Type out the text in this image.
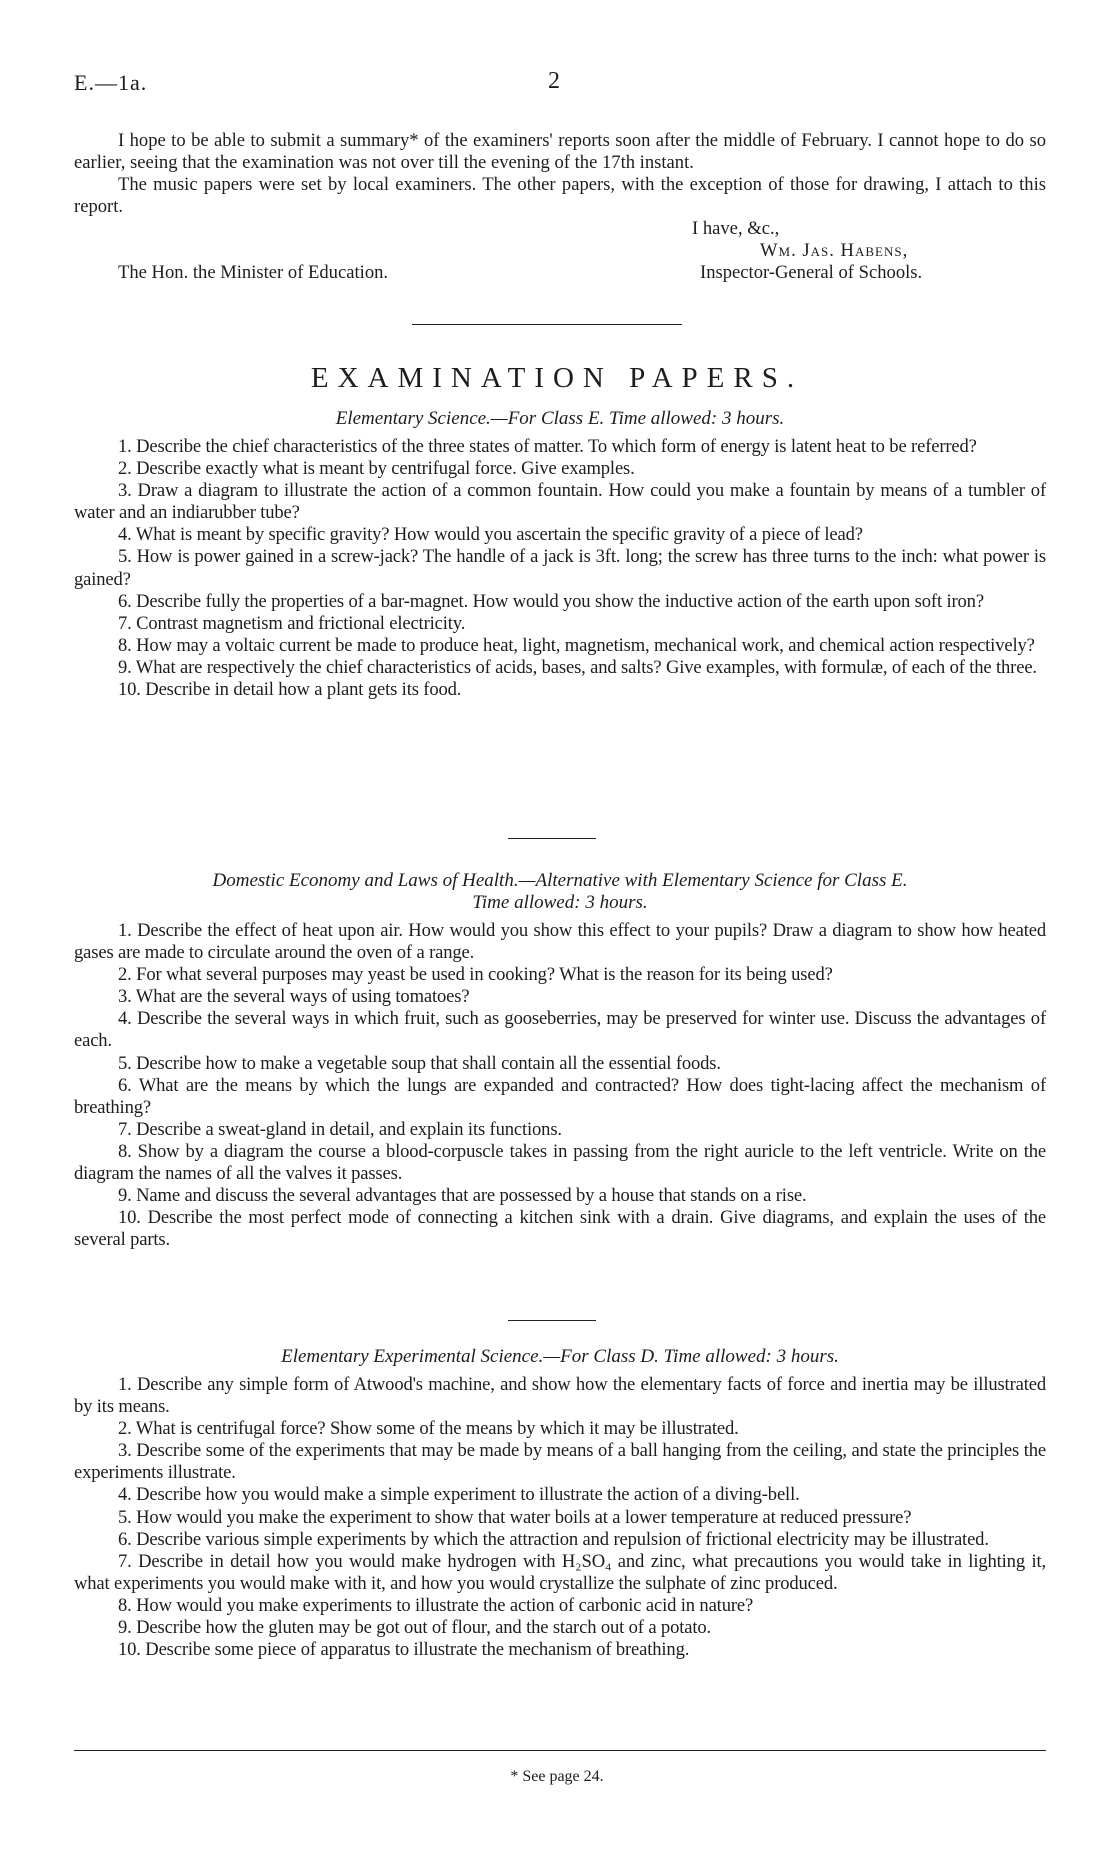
E.—1a.	2

I hope to be able to submit a summary* of the examiners' reports soon after the middle of February. I cannot hope to do so earlier, seeing that the examination was not over till the evening of the 17th instant.

The music papers were set by local examiners. The other papers, with the exception of those for drawing, I attach to this report.

I have, &c.,
Wm. Jas. Habens,
The Hon. the Minister of Education.	Inspector-General of Schools.
EXAMINATION PAPERS.
Elementary Science.—For Class E. Time allowed: 3 hours.

1. Describe the chief characteristics of the three states of matter. To which form of energy is latent heat to be referred?

2. Describe exactly what is meant by centrifugal force. Give examples.

3. Draw a diagram to illustrate the action of a common fountain. How could you make a fountain by means of a tumbler of water and an indiarubber tube?

4. What is meant by specific gravity? How would you ascertain the specific gravity of a piece of lead?

5. How is power gained in a screw-jack? The handle of a jack is 3ft. long; the screw has three turns to the inch: what power is gained?

6. Describe fully the properties of a bar-magnet. How would you show the inductive action of the earth upon soft iron?

7. Contrast magnetism and frictional electricity.

8. How may a voltaic current be made to produce heat, light, magnetism, mechanical work, and chemical action respectively?

9. What are respectively the chief characteristics of acids, bases, and salts? Give examples, with formulæ, of each of the three.

10. Describe in detail how a plant gets its food.

Domestic Economy and Laws of Health.—Alternative with Elementary Science for Class E.
Time allowed: 3 hours.

1. Describe the effect of heat upon air. How would you show this effect to your pupils? Draw a diagram to show how heated gases are made to circulate around the oven of a range.

2. For what several purposes may yeast be used in cooking? What is the reason for its being used?

3. What are the several ways of using tomatoes?

4. Describe the several ways in which fruit, such as gooseberries, may be preserved for winter use. Discuss the advantages of each.

5. Describe how to make a vegetable soup that shall contain all the essential foods.

6. What are the means by which the lungs are expanded and contracted? How does tight-lacing affect the mechanism of breathing?

7. Describe a sweat-gland in detail, and explain its functions.

8. Show by a diagram the course a blood-corpuscle takes in passing from the right auricle to the left ventricle. Write on the diagram the names of all the valves it passes.

9. Name and discuss the several advantages that are possessed by a house that stands on a rise.

10. Describe the most perfect mode of connecting a kitchen sink with a drain. Give diagrams, and explain the uses of the several parts.

Elementary Experimental Science.—For Class D. Time allowed: 3 hours.

1. Describe any simple form of Atwood's machine, and show how the elementary facts of force and inertia may be illustrated by its means.

2. What is centrifugal force? Show some of the means by which it may be illustrated.

3. Describe some of the experiments that may be made by means of a ball hanging from the ceiling, and state the principles the experiments illustrate.

4. Describe how you would make a simple experiment to illustrate the action of a diving-bell.

5. How would you make the experiment to show that water boils at a lower temperature at reduced pressure?

6. Describe various simple experiments by which the attraction and repulsion of frictional electricity may be illustrated.

7. Describe in detail how you would make hydrogen with H₂SO₄ and zinc, what precautions you would take in lighting it, what experiments you would make with it, and how you would crystallize the sulphate of zinc produced.

8. How would you make experiments to illustrate the action of carbonic acid in nature?

9. Describe how the gluten may be got out of flour, and the starch out of a potato.

10. Describe some piece of apparatus to illustrate the mechanism of breathing.

* See page 24.
